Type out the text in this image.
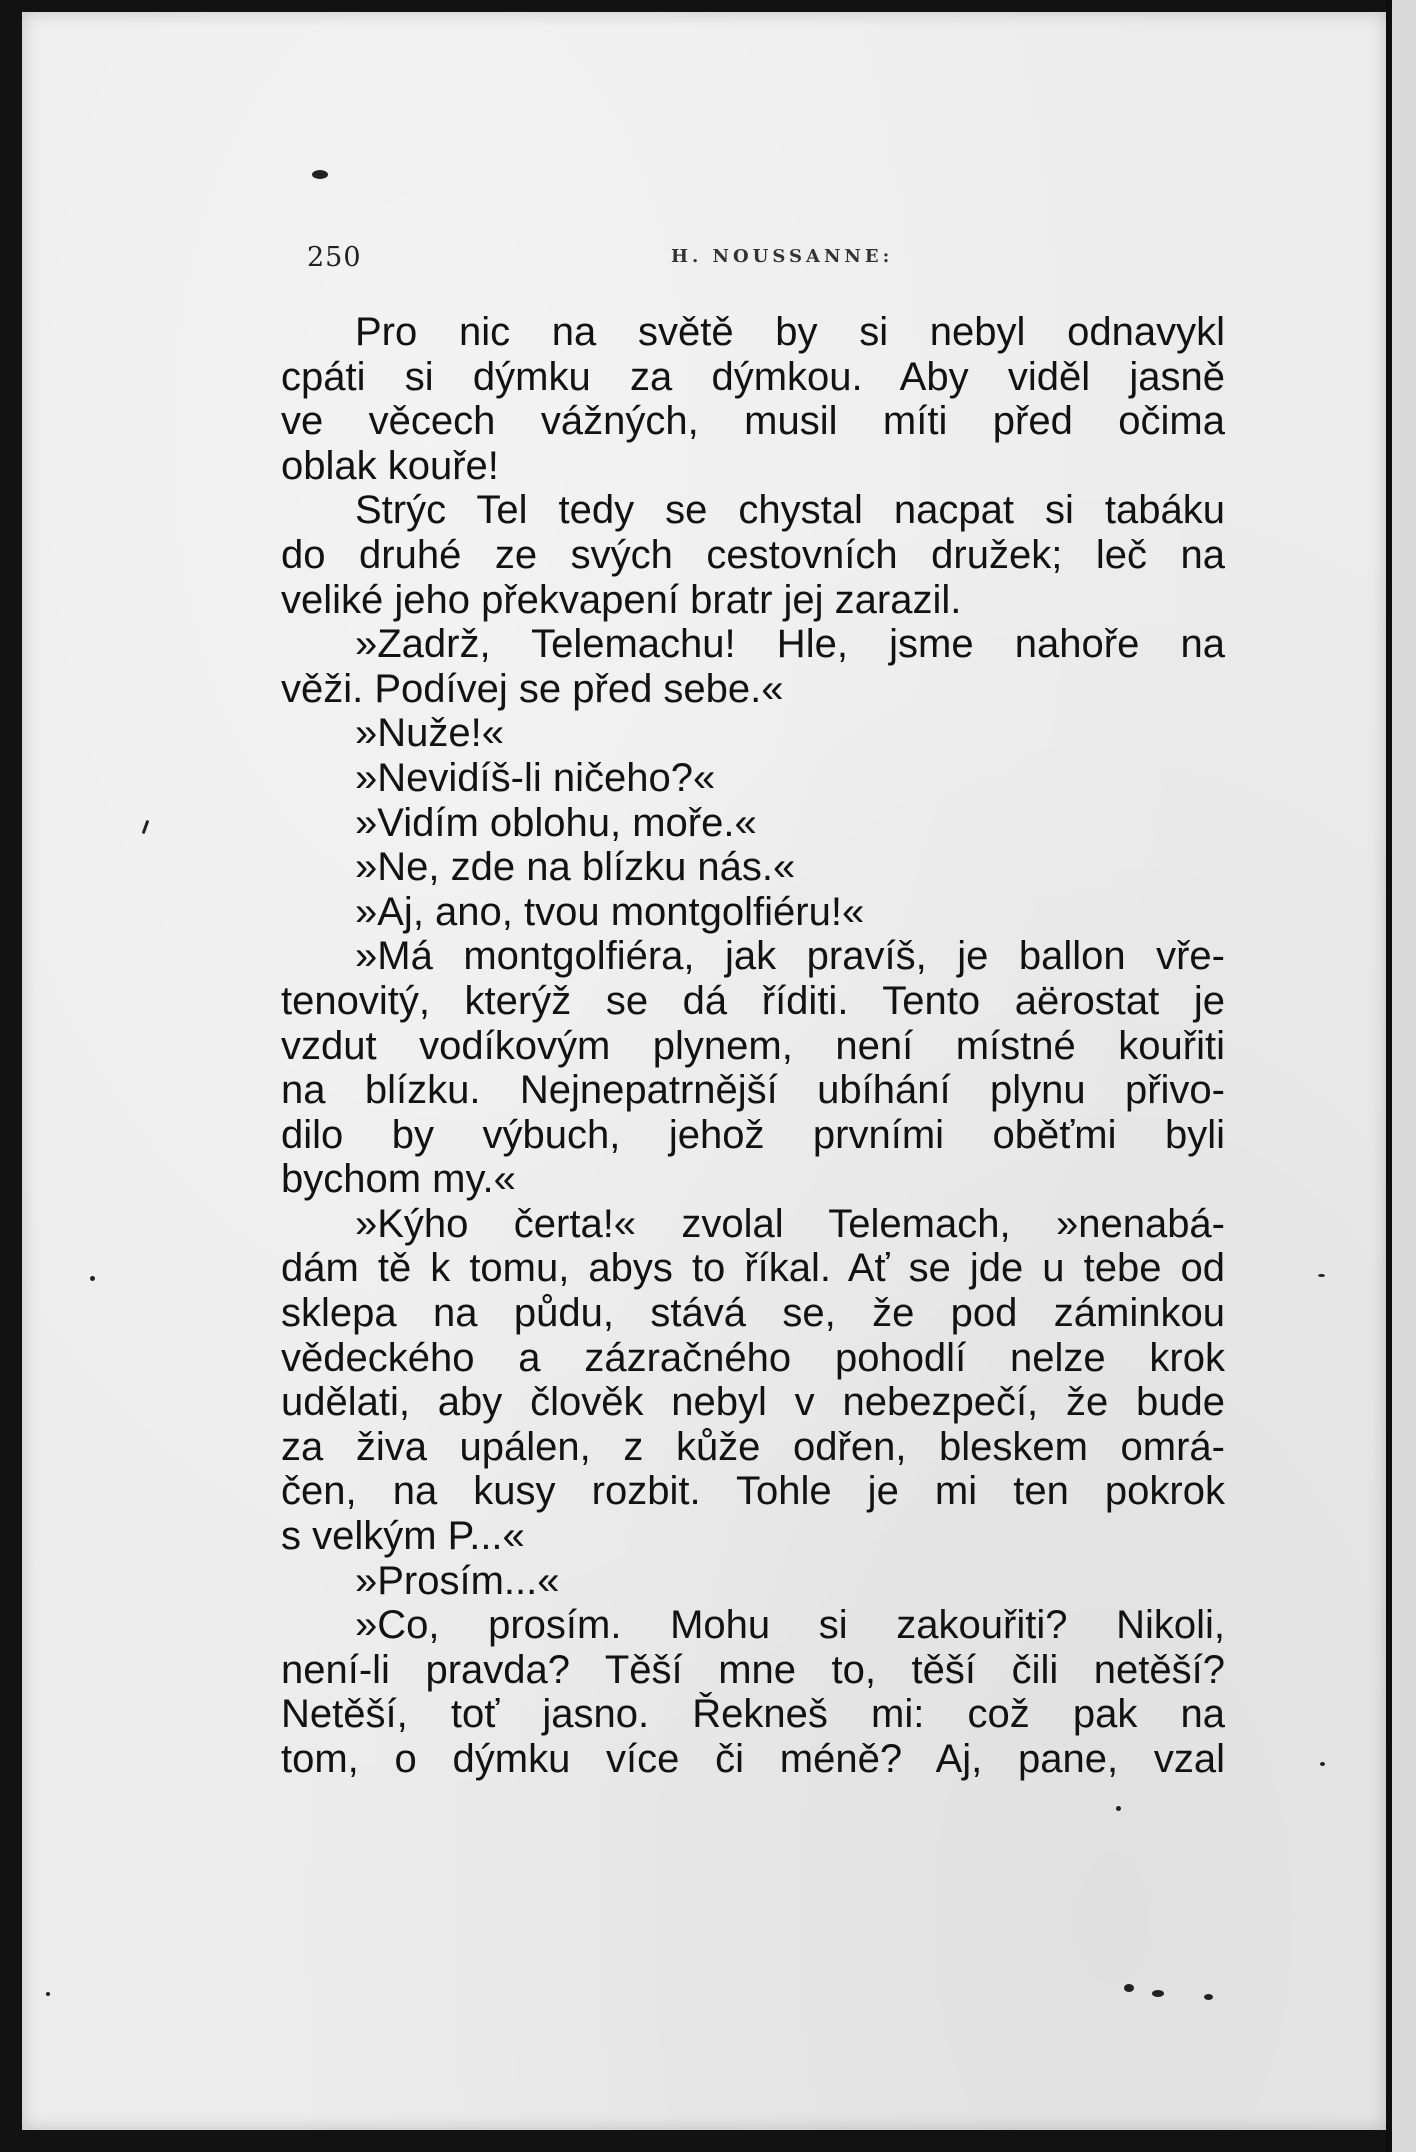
250	H. NOUSSANNE:
Pro nic na světě by si nebyl odnavykl
cpáti si dýmku za dýmkou. Aby viděl jasně
ve věcech vážných, musil míti před očima
oblak kouře!
Strýc Tel tedy se chystal nacpat si tabáku
do druhé ze svých cestovních družek; leč na
veliké jeho překvapení bratr jej zarazil.
»Zadrž, Telemachu! Hle, jsme nahoře na
věži. Podívej se před sebe.«
»Nuže!«
»Nevidíš-li ničeho?«
»Vidím oblohu, moře.«
»Ne, zde na blízku nás.«
»Aj, ano, tvou montgolfiéru!«
»Má montgolfiéra, jak pravíš, je ballon vře-
tenovitý, kterýž se dá říditi. Tento aërostat je
vzdut vodíkovým plynem, není místné kouřiti
na blízku. Nejnepatrnější ubíhání plynu přivo-
dilo by výbuch, jehož prvními oběťmi byli
bychom my.«
»Kýho čerta!« zvolal Telemach, »nenabá-
dám tě k tomu, abys to říkal. Ať se jde u tebe od
sklepa na půdu, stává se, že pod záminkou
vědeckého a zázračného pohodlí nelze krok
udělati, aby člověk nebyl v nebezpečí, že bude
za živa upálen, z kůže odřen, bleskem omrá-
čen, na kusy rozbit. Tohle je mi ten pokrok
s velkým P...«
»Prosím...«
»Co, prosím. Mohu si zakouřiti? Nikoli,
není-li pravda? Těší mne to, těší čili netěší?
Netěší, toť jasno. Řekneš mi: což pak na
tom, o dýmku více či méně? Aj, pane, vzal
